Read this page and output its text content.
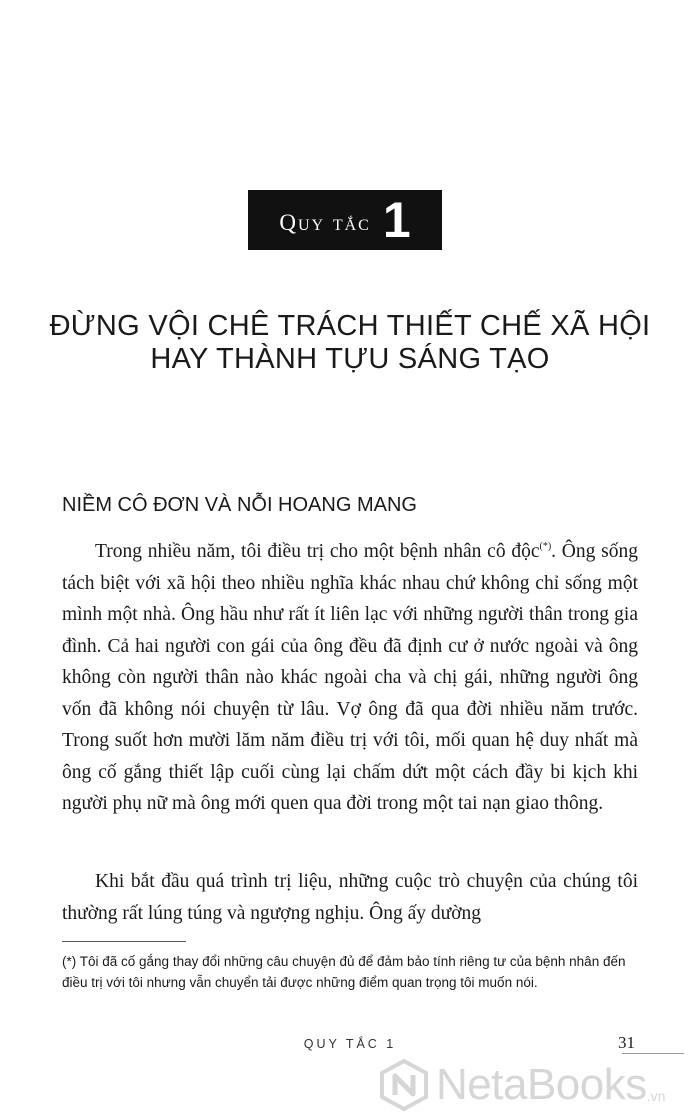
Quy tắc 1
ĐỪNG VỘI CHÊ TRÁCH THIẾT CHẾ XÃ HỘI
HAY THÀNH TỰU SÁNG TẠO
NIỀM CÔ ĐƠN VÀ NỖI HOANG MANG

Trong nhiều năm, tôi điều trị cho một bệnh nhân cô độc(*). Ông sống tách biệt với xã hội theo nhiều nghĩa khác nhau chứ không chỉ sống một mình một nhà. Ông hầu như rất ít liên lạc với những người thân trong gia đình. Cả hai người con gái của ông đều đã định cư ở nước ngoài và ông không còn người thân nào khác ngoài cha và chị gái, những người ông vốn đã không nói chuyện từ lâu. Vợ ông đã qua đời nhiều năm trước. Trong suốt hơn mười lăm năm điều trị với tôi, mối quan hệ duy nhất mà ông cố gắng thiết lập cuối cùng lại chấm dứt một cách đầy bi kịch khi người phụ nữ mà ông mới quen qua đời trong một tai nạn giao thông.

Khi bắt đầu quá trình trị liệu, những cuộc trò chuyện của chúng tôi thường rất lúng túng và ngượng nghịu. Ông ấy dường

(*) Tôi đã cố gắng thay đổi những câu chuyện đủ để đảm bảo tính riêng tư của bệnh nhân đến điều trị với tôi nhưng vẫn chuyển tải được những điểm quan trọng tôi muốn nói.

QUY TẮC 1	31
NetaBooks .vn
